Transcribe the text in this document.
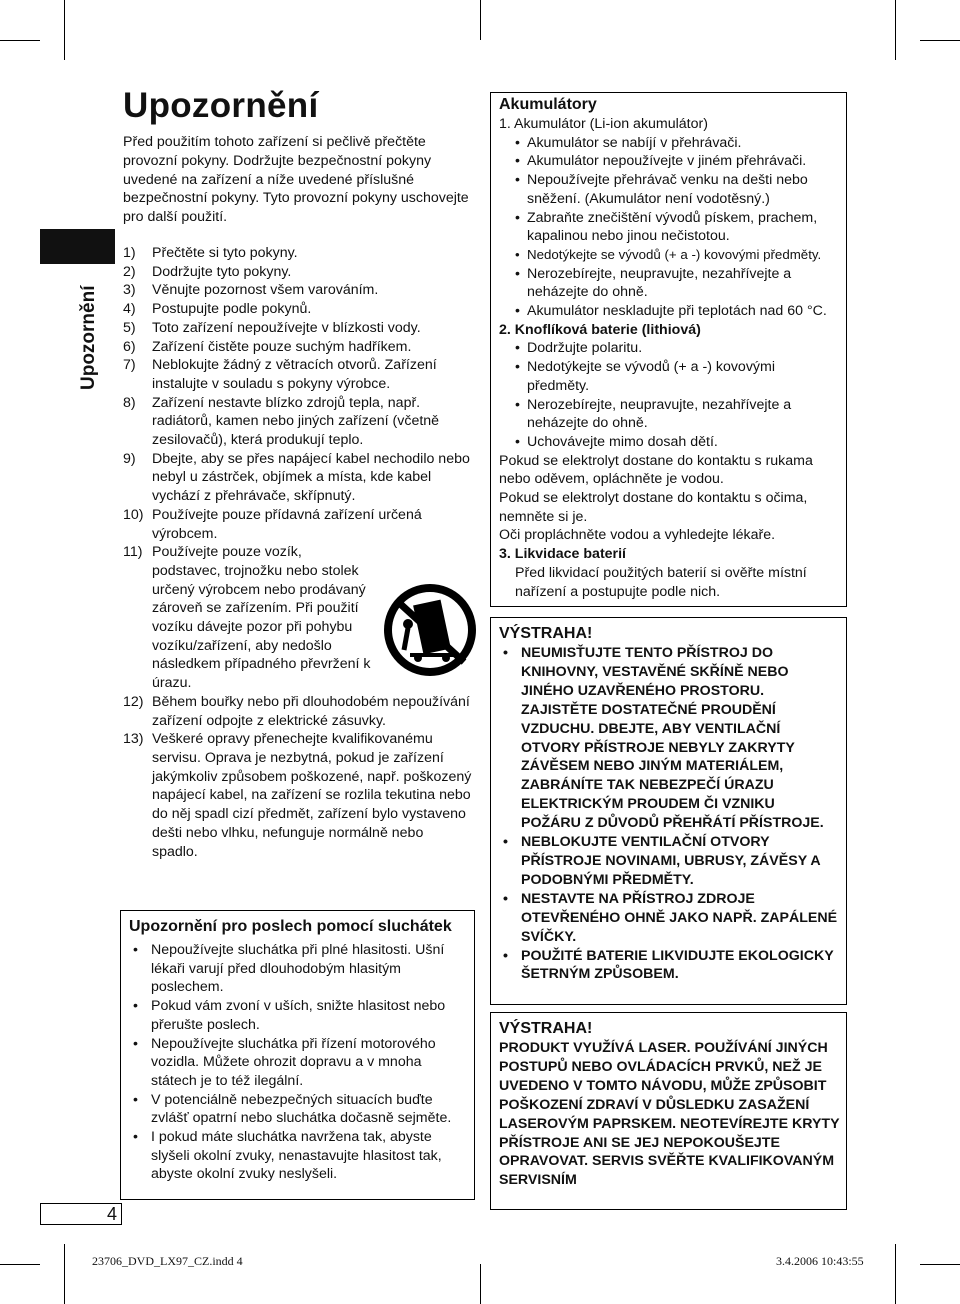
Upozornění
4
Upozornění
Před použitím tohoto zařízení si pečlivě přečtěte provozní pokyny. Dodržujte bezpečnostní pokyny uvedené na zařízení a níže uvedené příslušné bezpečnostní pokyny. Tyto provozní pokyny uschovejte pro další použití.
1) Přečtěte si tyto pokyny.
2) Dodržujte tyto pokyny.
3) Věnujte pozornost všem varováním.
4) Postupujte podle pokynů.
5) Toto zařízení nepoužívejte v blízkosti vody.
6) Zařízení čistěte pouze suchým hadříkem.
7) Neblokujte žádný z větracích otvorů. Zařízení instalujte v souladu s pokyny výrobce.
8) Zařízení nestavte blízko zdrojů tepla, např. radiátorů, kamen nebo jiných zařízení (včetně zesilovačů), která produkují teplo.
9) Dbejte, aby se přes napájecí kabel nechodilo nebo nebyl u zástrček, objímek a místa, kde kabel vychází z přehrávače, skřípnutý.
10) Používejte pouze přídavná zařízení určená výrobcem.
11) Používejte pouze vozík, podstavec, trojnožku nebo stolek určený výrobcem nebo prodávaný zároveň se zařízením. Při použití vozíku dávejte pozor při pohybu vozíku/zařízení, aby nedošlo následkem případného převržení k úrazu.
12) Během bouřky nebo při dlouhodobém nepoužívání zařízení odpojte z elektrické zásuvky.
13) Veškeré opravy přenechejte kvalifikovanému servisu. Oprava je nezbytná, pokud je zařízení jakýmkoliv způsobem poškozené, např. poškozený napájecí kabel, na zařízení se rozlila tekutina nebo do něj spadl cizí předmět, zařízení bylo vystaveno dešti nebo vlhku, nefunguje normálně nebo spadlo.
Upozornění pro poslech pomocí sluchátek
• Nepoužívejte sluchátka při plné hlasitosti. Ušní lékaři varují před dlouhodobým hlasitým poslechem.
• Pokud vám zvoní v uších, snižte hlasitost nebo přerušte poslech.
• Nepoužívejte sluchátka při řízení motorového vozidla. Můžete ohrozit dopravu a v mnoha státech je to též ilegální.
• V potenciálně nebezpečných situacích buďte zvlášť opatrní nebo sluchátka dočasně sejměte.
• I pokud máte sluchátka navržena tak, abyste slyšeli okolní zvuky, nenastavujte hlasitost tak, abyste okolní zvuky neslyšeli.
Akumulátory
1. Akumulátor (Li-ion akumulátor)
• Akumulátor se nabíjí v přehrávači.
• Akumulátor nepoužívejte v jiném přehrávači.
• Nepoužívejte přehrávač venku na dešti nebo sněžení. (Akumulátor není vodotěsný.)
• Zabraňte znečištění vývodů pískem, prachem, kapalinou nebo jinou nečistotou.
• Nedotýkejte se vývodů (+ a -) kovovými předměty.
• Nerozebírejte, neupravujte, nezahřívejte a neházejte do ohně.
• Akumulátor neskladujte při teplotách nad 60 °C.
2. Knoflíková baterie (lithiová)
• Dodržujte polaritu.
• Nedotýkejte se vývodů (+ a -) kovovými předměty.
• Nerozebírejte, neupravujte, nezahřívejte a neházejte do ohně.
• Uchovávejte mimo dosah dětí.
Pokud se elektrolyt dostane do kontaktu s rukama nebo oděvem, opláchněte je vodou.
Pokud se elektrolyt dostane do kontaktu s očima, nemněte si je.
Oči propláchněte vodou a vyhledejte lékaře.
3. Likvidace baterií
Před likvidací použitých baterií si ověřte místní nařízení a postupujte podle nich.
VÝSTRAHA!
• NEUMISŤUJTE TENTO PŘÍSTROJ DO KNIHOVNY, VESTAVĚNÉ SKŘÍNĚ NEBO JINÉHO UZAVŘENÉHO PROSTORU. ZAJISTĚTE DOSTATEČNÉ PROUDĚNÍ VZDUCHU. DBEJTE, ABY VENTILAČNÍ OTVORY PŘÍSTROJE NEBYLY ZAKRYTY ZÁVĚSEM NEBO JINÝM MATERIÁLEM, ZABRÁNÍTE TAK NEBEZPEČÍ ÚRAZU ELEKTRICKÝM PROUDEM ČI VZNIKU POŽÁRU Z DŮVODŮ PŘEHŘÁTÍ PŘÍSTROJE.
• NEBLOKUJTE VENTILAČNÍ OTVORY PŘÍSTROJE NOVINAMI, UBRUSY, ZÁVĚSY A PODOBNÝMI PŘEDMĚTY.
• NESTAVTE NA PŘÍSTROJ ZDROJE OTEVŘENÉHO OHNĚ JAKO NAPŘ. ZAPÁLENÉ SVÍČKY.
• POUŽITÉ BATERIE LIKVIDUJTE EKOLOGICKY ŠETRNÝM ZPŮSOBEM.
VÝSTRAHA!
PRODUKT VYUŽÍVÁ LASER. POUŽÍVÁNÍ JINÝCH POSTUPŮ NEBO OVLÁDACÍCH PRVKŮ, NEŽ JE UVEDENO V TOMTO NÁVODU, MŮŽE ZPŮSOBIT POŠKOZENÍ ZDRAVÍ V DŮSLEDKU ZASAŽENÍ LASEROVÝM PAPRSKEM. NEOTEVÍREJTE KRYTY PŘÍSTROJE ANI SE JEJ NEPOKOUŠEJTE OPRAVOVAT. SERVIS SVĚŘTE KVALIFIKOVANÝM SERVISNÍM
23706_DVD_LX97_CZ.indd 4	3.4.2006 10:43:55
